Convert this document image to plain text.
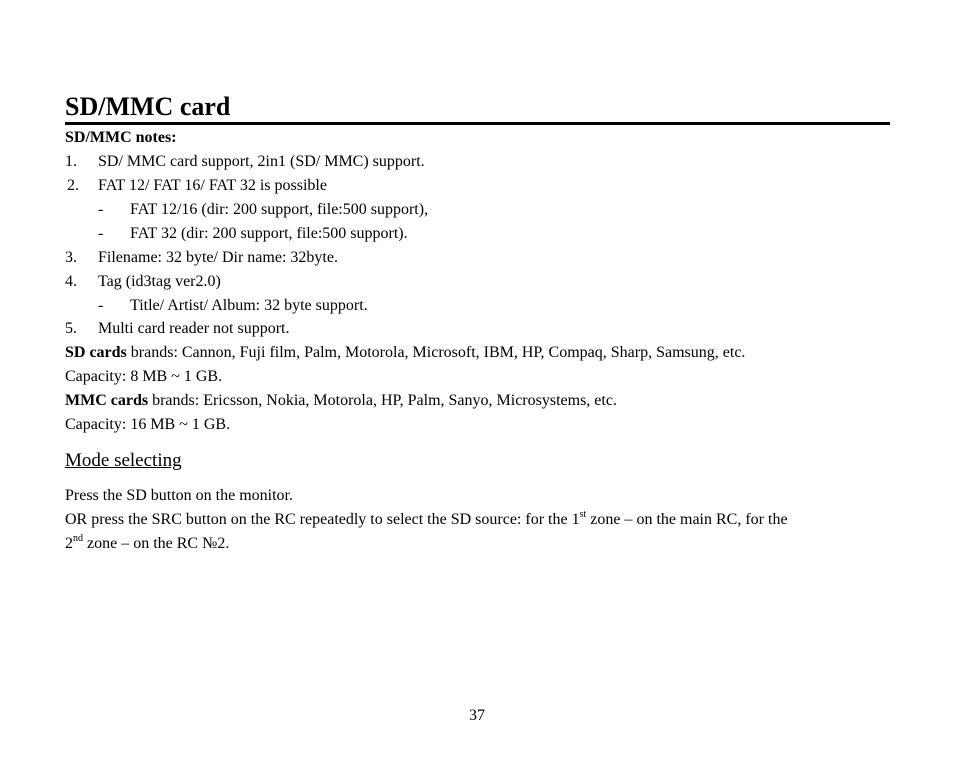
SD/MMC card
SD/MMC notes:
1. SD/ MMC card support, 2in1 (SD/ MMC) support.
2. FAT 12/ FAT 16/ FAT 32 is possible
- FAT 12/16 (dir: 200 support, file:500 support),
- FAT 32 (dir: 200 support, file:500 support).
3. Filename: 32 byte/ Dir name: 32byte.
4. Tag (id3tag ver2.0)
- Title/ Artist/ Album: 32 byte support.
5. Multi card reader not support.
SD cards brands: Cannon, Fuji film, Palm, Motorola, Microsoft, IBM, HP, Compaq, Sharp, Samsung, etc.
Capacity: 8 MB ~ 1 GB.
MMC cards brands: Ericsson, Nokia, Motorola, HP, Palm, Sanyo, Microsystems, etc.
Capacity: 16 MB ~ 1 GB.
Mode selecting
Press the SD button on the monitor.
OR press the SRC button on the RC repeatedly to select the SD source: for the 1st zone – on the main RC, for the
2nd zone – on the RC №2.
37
